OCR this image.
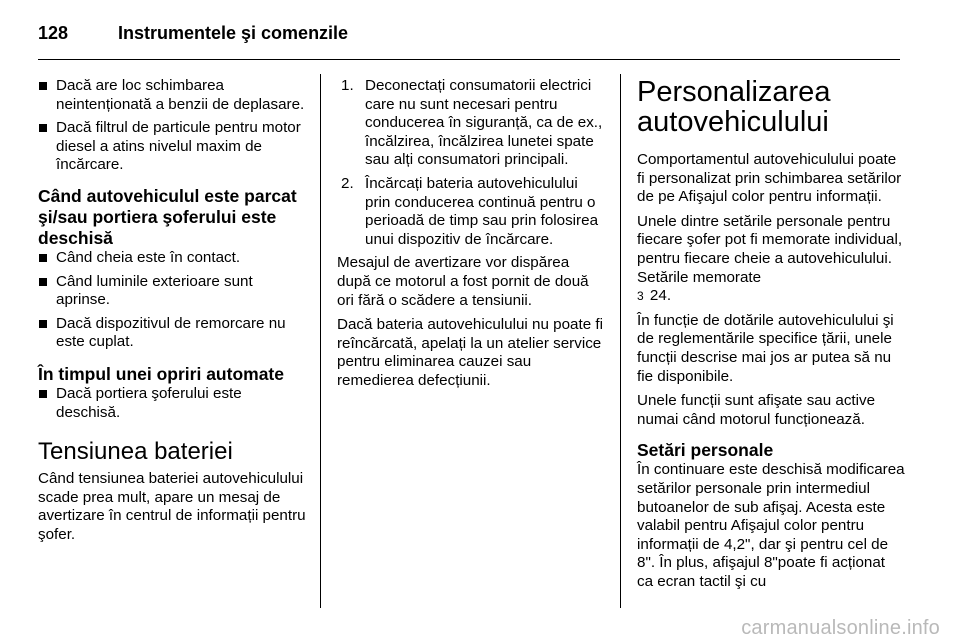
128	Instrumentele şi comenzile
Dacă are loc schimbarea neintenționată a benzii de deplasare.
Dacă filtrul de particule pentru motor diesel a atins nivelul maxim de încărcare.
Când autovehiculul este parcat şi/sau portiera şoferului este deschisă
Când cheia este în contact.
Când luminile exterioare sunt aprinse.
Dacă dispozitivul de remorcare nu este cuplat.
În timpul unei opriri automate
Dacă portiera şoferului este deschisă.
Tensiunea bateriei

Când tensiunea bateriei autovehiculului scade prea mult, apare un mesaj de avertizare în centrul de informații pentru şofer.

1. Deconectați consumatorii electrici care nu sunt necesari pentru conducerea în siguranță, ca de ex., încălzirea, încălzirea lunetei spate sau alți consumatori principali.
2. Încărcați bateria autovehiculului prin conducerea continuă pentru o perioadă de timp sau prin folosirea unui dispozitiv de încărcare.

Mesajul de avertizare vor dispărea după ce motorul a fost pornit de două ori fără o scădere a tensiunii.

Dacă bateria autovehiculului nu poate fi reîncărcată, apelați la un atelier service pentru eliminarea cauzei sau remedierea defecțiunii.

Personalizarea autovehiculului

Comportamentul autovehiculului poate fi personalizat prin schimbarea setărilor de pe Afişajul color pentru informații.

Unele dintre setările personale pentru fiecare şofer pot fi memorate individual, pentru fiecare cheie a autovehiculului. Setările memorate
3 24.

În funcție de dotările autovehiculului şi de reglementările specifice țării, unele funcții descrise mai jos ar putea să nu fie disponibile.

Unele funcții sunt afişate sau active numai când motorul funcționează.

Setări personale

În continuare este deschisă modificarea setărilor personale prin intermediul butoanelor de sub afişaj. Acesta este valabil pentru Afişajul color pentru informații de 4,2", dar şi pentru cel de 8". În plus, afişajul 8"poate fi acționat ca ecran tactil şi cu

carmanualsonline.info
